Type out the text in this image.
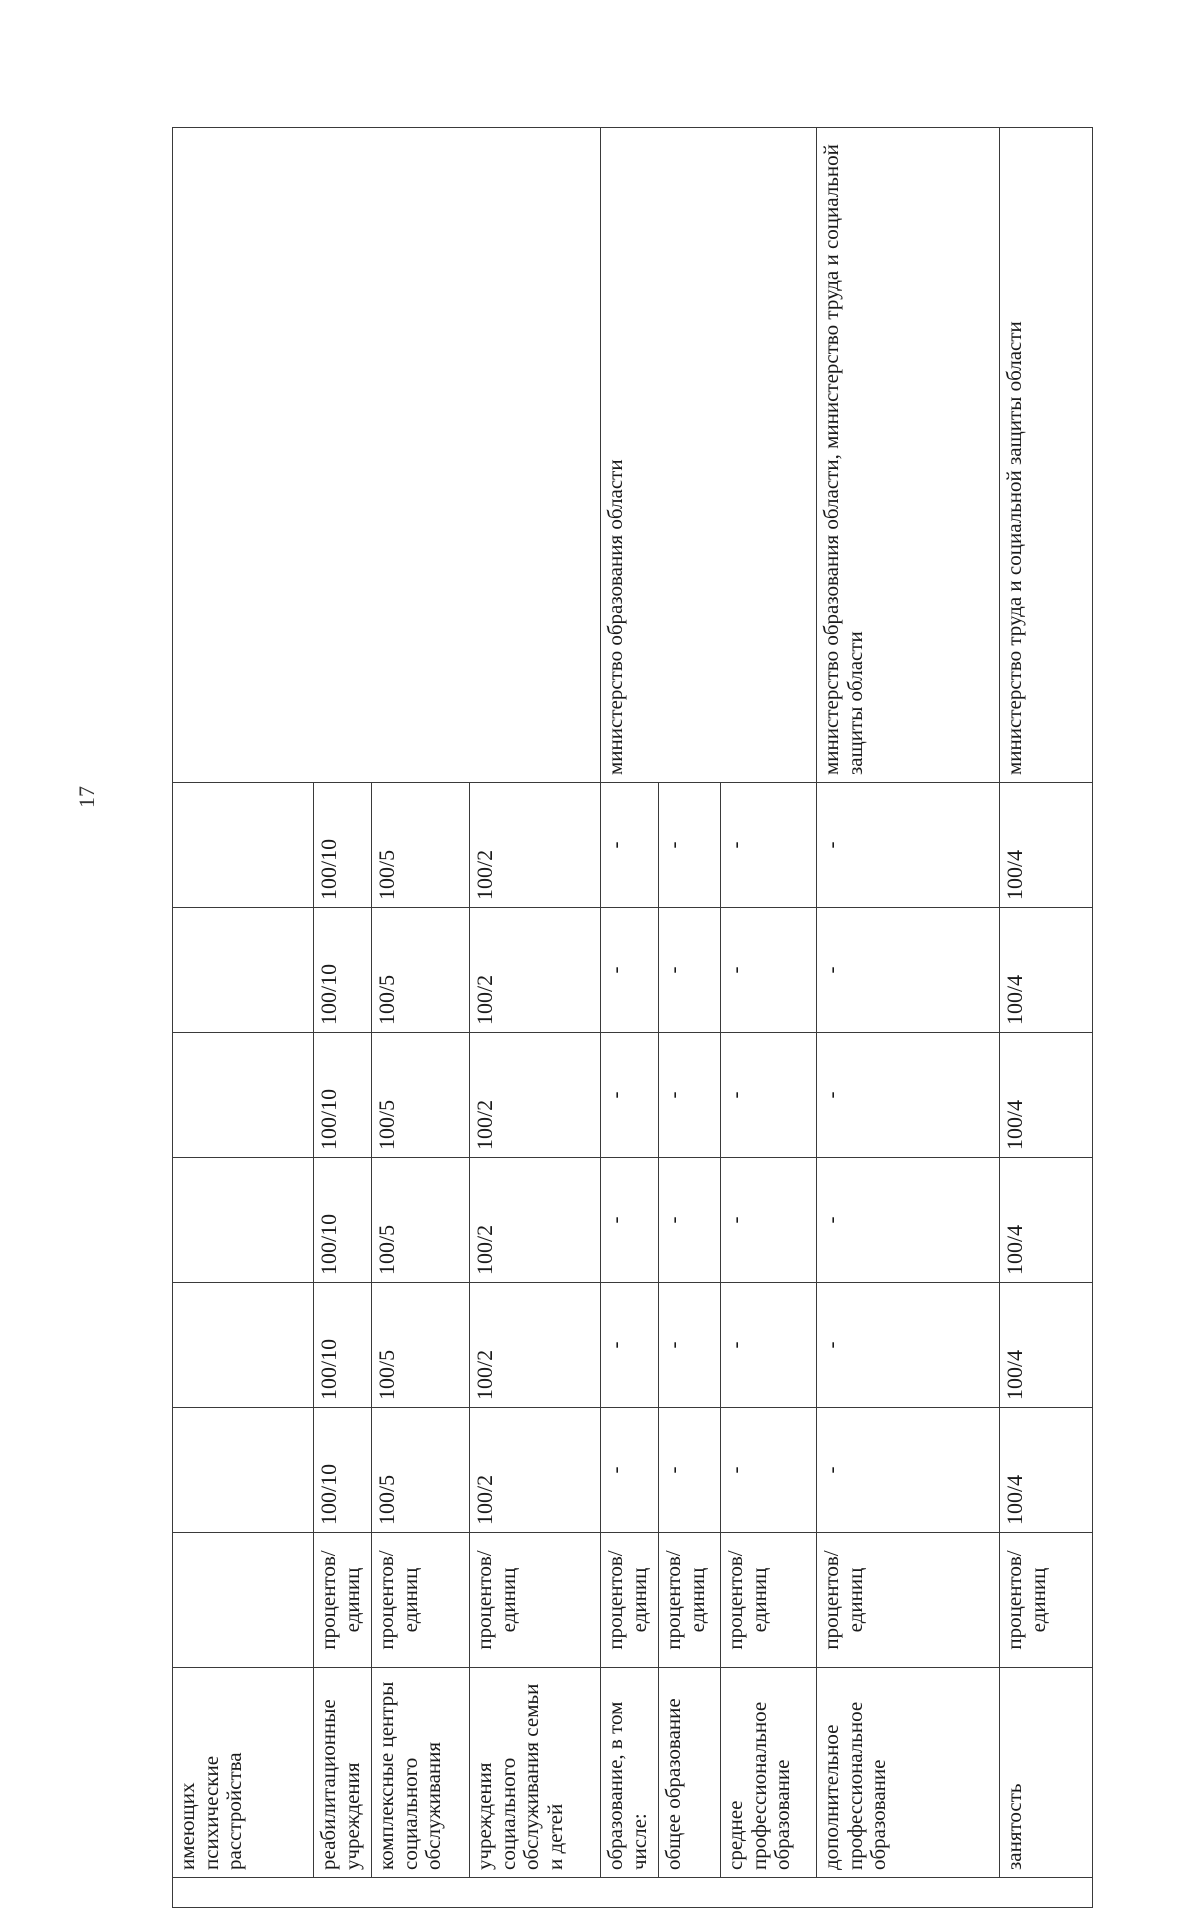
17
	имеющих психические расстройства								
	реабилитационные учреждения	процентов/ единиц	100/10	100/10	100/10	100/10	100/10	100/10	
	комплексные центры социального обслуживания	процентов/ единиц	100/5	100/5	100/5	100/5	100/5	100/5	
	учреждения социального обслуживания семьи и детей	процентов/ единиц	100/2	100/2	100/2	100/2	100/2	100/2	
	образование, в том числе:	процентов/ единиц	-	-	-	-	-	-	министерство образования области
	общее образование	процентов/ единиц	-	-	-	-	-	-	
	среднее профессиональное образование	процентов/ единиц	-	-	-	-	-	-	
	дополнительное профессиональное образование	процентов/ единиц	-	-	-	-	-	-	министерство образования области, министерство труда и социальной защиты области
	занятость	процентов/ единиц	100/4	100/4	100/4	100/4	100/4	100/4	министерство труда и социальной защиты области
